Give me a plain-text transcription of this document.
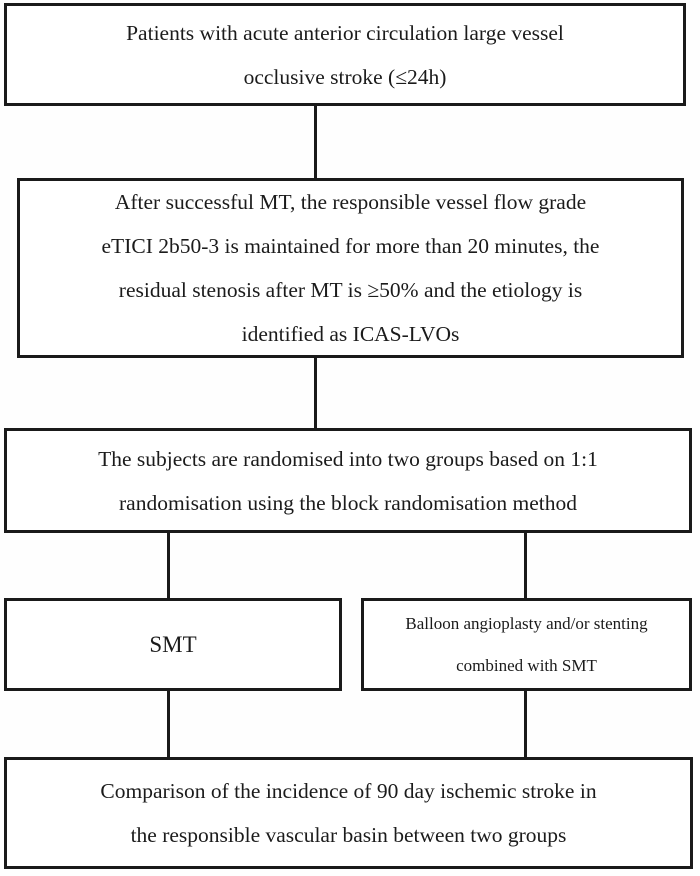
Patients with acute anterior circulation large vessel
occlusive stroke (≤24h)
After successful MT, the responsible vessel flow grade
eTICI 2b50-3 is maintained for more than 20 minutes, the
residual stenosis after MT is ≥50% and the etiology is
identified as ICAS-LVOs
The subjects are randomised into two groups based on 1:1
randomisation using the block randomisation method
SMT
Balloon angioplasty and/or stenting
combined with SMT
Comparison of the incidence of 90 day ischemic stroke in
the responsible vascular basin between two groups
